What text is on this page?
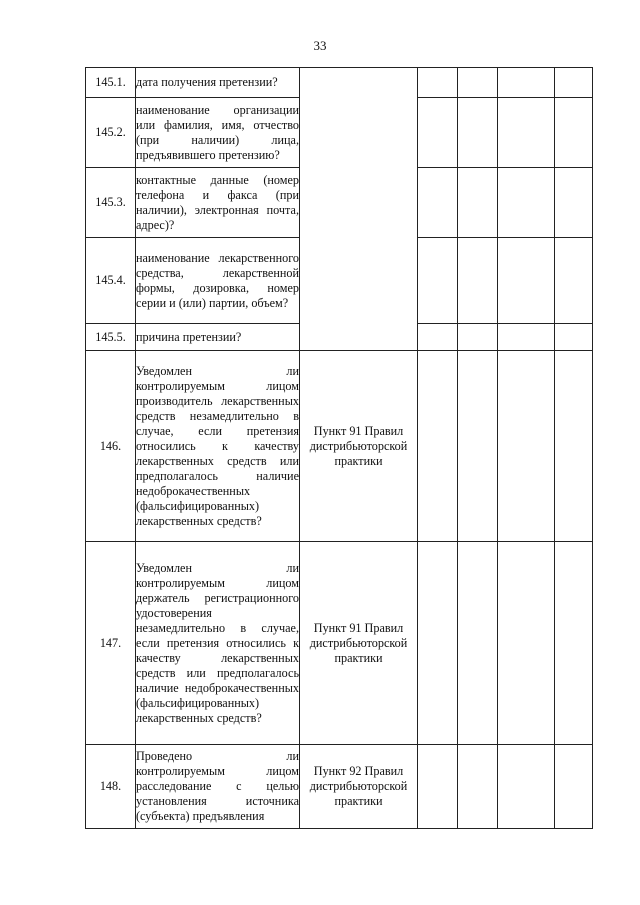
33
145.1.	дата получения претензии?					
145.2.	наименование организации или фамилия, имя, отчество (при наличии) лица, предъявившего претензию?					
145.3.	контактные данные (номер телефона и факса (при наличии), электронная почта, адрес)?					
145.4.	наименование лекарственного средства, лекарственной формы, дозировка, номер серии и (или) партии, объем?					
145.5.	причина претензии?					
146.	Уведомлен ли контролируемым лицом производитель лекарственных средств незамедлительно в случае, если претензия относились к качеству лекарственных средств или предполагалось наличие недоброкачественных (фальсифицированных) лекарственных средств?	Пункт 91 Правил дистрибьюторской практики				
147.	Уведомлен ли контролируемым лицом держатель регистрационного удостоверения незамедлительно в случае, если претензия относились к качеству лекарственных средств или предполагалось наличие недоброкачественных (фальсифицированных) лекарственных средств?	Пункт 91 Правил дистрибьюторской практики				
148.	Проведено ли контролируемым лицом расследование с целью установления источника (субъекта) предъявления	Пункт 92 Правил дистрибьюторской практики				
